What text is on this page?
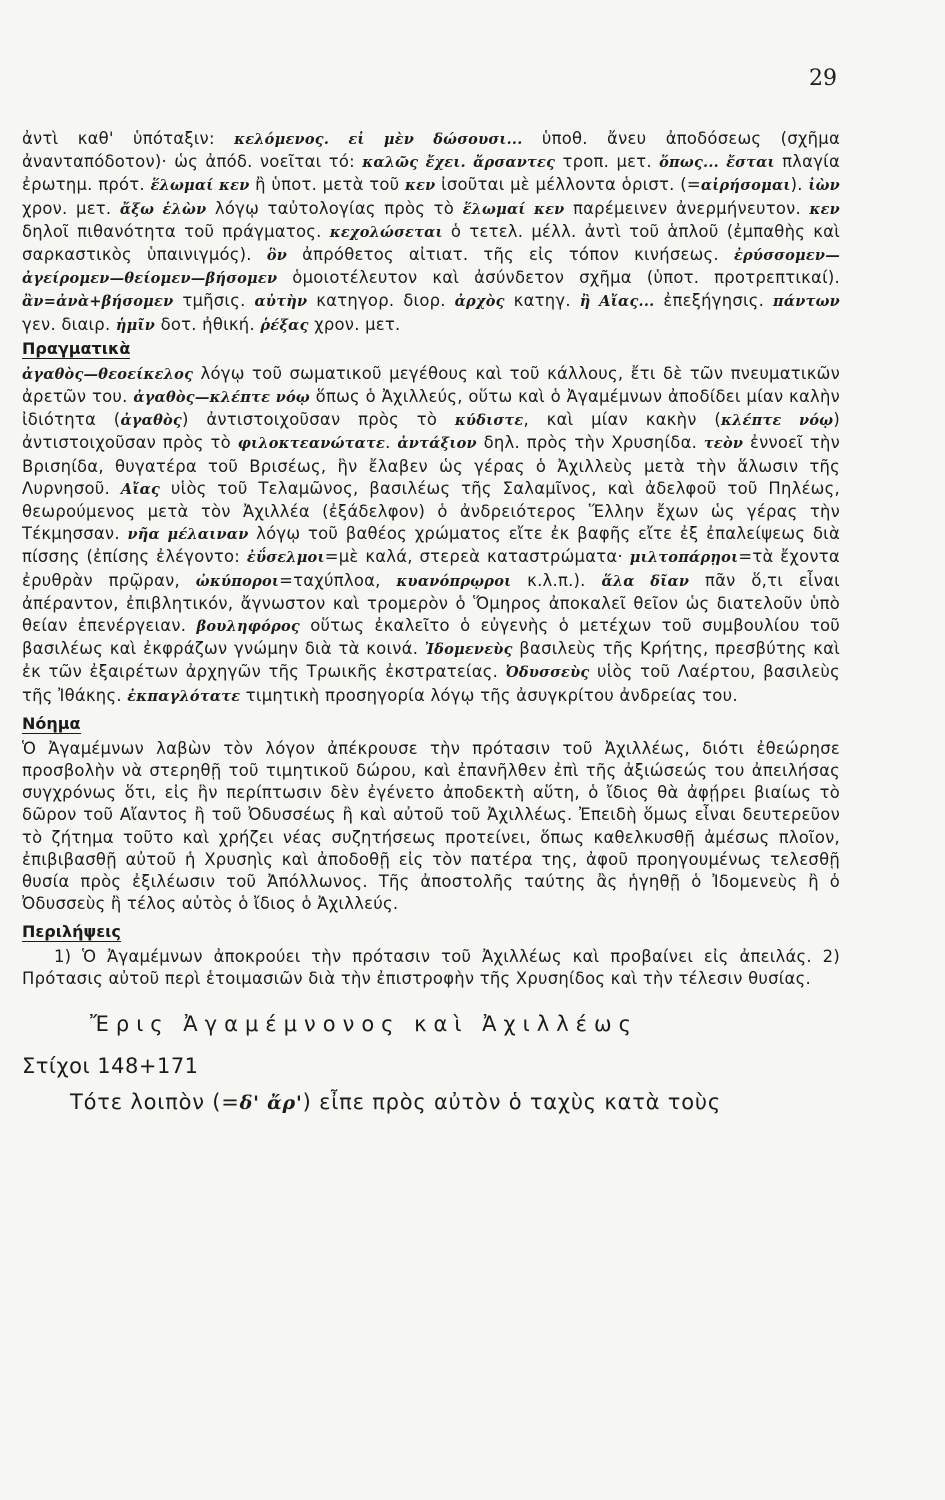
29

ἀντὶ καθ' ὑπόταξιν: κελόμενος. εἰ μὲν δώσουσι... ὑποθ. ἄνευ ἀποδόσεως (σχῆμα ἀνανταπόδοτον)· ὡς ἀπόδ. νοεῖται τό: καλῶς ἔχει. ἄρσαντες τροπ. μετ. ὅπως... ἔσται πλαγία ἐρωτημ. πρότ. ἕλωμαί κεν ἢ ὑποτ. μετὰ τοῦ κεν ἰσοῦται μὲ μέλλοντα ὁριστ. (=αἱρήσομαι). ἰὼν χρον. μετ. ἄξω ἑλὼν λόγῳ ταὐτολογίας πρὸς τὸ ἕλωμαί κεν παρέμεινεν ἀνερμήνευτον. κεν δηλοῖ πιθανότητα τοῦ πράγματος. κεχολώσεται ὁ τετελ. μέλλ. ἀντὶ τοῦ ἁπλοῦ (ἐμπαθὴς καὶ σαρκαστικὸς ὑπαινιγμός). ὃν ἀπρόθετος αἰτιατ. τῆς εἰς τόπον κινήσεως. ἐρύσσομεν—ἀγείρομεν—θείομεν—βήσομεν ὁμοιοτέλευτον καὶ ἀσύνδετον σχῆμα (ὑποτ. προτρεπτικαί). ἂν=ἀνὰ+βήσομεν τμῆσις. αὐτὴν κατηγορ. διορ. ἀρχὸς κατηγ. ἢ Αἴας... ἐπεξήγησις. πάντων γεν. διαιρ. ἡμῖν δοτ. ἠθική. ῥέξας χρον. μετ.

Πραγματικὰ

ἀγαθὸς—θεοείκελος λόγῳ τοῦ σωματικοῦ μεγέθους καὶ τοῦ κάλλους, ἔτι δὲ τῶν πνευματικῶν ἀρετῶν του. ἀγαθὸς—κλέπτε νόῳ ὅπως ὁ Ἀχιλλεύς, οὕτω καὶ ὁ Ἀγαμέμνων ἀποδίδει μίαν καλὴν ἰδιότητα (ἀγαθὸς) ἀντιστοιχοῦσαν πρὸς τὸ κύδιστε, καὶ μίαν κακὴν (κλέπτε νόῳ) ἀντιστοιχοῦσαν πρὸς τὸ φιλοκτεανώτατε. ἀντάξιον δηλ. πρὸς τὴν Χρυσηίδα. τεὸν ἐννοεῖ τὴν Βρισηίδα, θυγατέρα τοῦ Βρισέως, ἣν ἔλαβεν ὡς γέρας ὁ Ἀχιλλεὺς μετὰ τὴν ἅλωσιν τῆς Λυρνησοῦ. Αἴας υἱὸς τοῦ Τελαμῶνος, βασιλέως τῆς Σαλαμῖνος, καὶ ἀδελφοῦ τοῦ Πηλέως, θεωρούμενος μετὰ τὸν Ἀχιλλέα (ἐξάδελφον) ὁ ἀνδρειότερος Ἕλλην ἔχων ὡς γέρας τὴν Τέκμησσαν. νῆα μέλαιναν λόγῳ τοῦ βαθέος χρώματος εἴτε ἐκ βαφῆς εἴτε ἐξ ἐπαλείψεως διὰ πίσσης (ἐπίσης ἐλέγοντο: ἐΰσελμοι=μὲ καλά, στερεὰ καταστρώματα· μιλτοπάρῃοι=τὰ ἔχοντα ἐρυθρὰν πρῷραν, ὠκύποροι=ταχύπλοα, κυανόπρῳροι κ.λ.π.). ἅλα δῖαν πᾶν ὅ,τι εἶναι ἀπέραντον, ἐπιβλητικόν, ἄγνωστον καὶ τρομερὸν ὁ Ὅμηρος ἀποκαλεῖ θεῖον ὡς διατελοῦν ὑπὸ θείαν ἐπενέργειαν. βουληφόρος οὕτως ἐκαλεῖτο ὁ εὐγενὴς ὁ μετέχων τοῦ συμβουλίου τοῦ βασιλέως καὶ ἐκφράζων γνώμην διὰ τὰ κοινά. Ἰδομενεὺς βασιλεὺς τῆς Κρήτης, πρεσβύτης καὶ ἐκ τῶν ἐξαιρέτων ἀρχηγῶν τῆς Τρωικῆς ἐκστρατείας. Ὀδυσσεὺς υἱὸς τοῦ Λαέρτου, βασιλεὺς τῆς Ἰθάκης. ἐκπαγλότατε τιμητικὴ προσηγορία λόγῳ τῆς ἀσυγκρίτου ἀνδρείας του.

Νόημα

Ὁ Ἀγαμέμνων λαβὼν τὸν λόγον ἀπέκρουσε τὴν πρότασιν τοῦ Ἀχιλλέως, διότι ἐθεώρησε προσβολὴν νὰ στερηθῇ τοῦ τιμητικοῦ δώρου, καὶ ἐπανῆλθεν ἐπὶ τῆς ἀξιώσεώς του ἀπειλήσας συγχρόνως ὅτι, εἰς ἣν περίπτωσιν δὲν ἐγένετο ἀποδεκτὴ αὕτη, ὁ ἴδιος θὰ ἀφῄρει βιαίως τὸ δῶρον τοῦ Αἴαντος ἢ τοῦ Ὀδυσσέως ἢ καὶ αὐτοῦ τοῦ Ἀχιλλέως. Ἐπειδὴ ὅμως εἶναι δευτερεῦον τὸ ζήτημα τοῦτο καὶ χρήζει νέας συζητήσεως προτείνει, ὅπως καθελκυσθῇ ἀμέσως πλοῖον, ἐπιβιβασθῇ αὐτοῦ ἡ Χρυσηὶς καὶ ἀποδοθῇ εἰς τὸν πατέρα της, ἀφοῦ προηγουμένως τελεσθῇ θυσία πρὸς ἐξιλέωσιν τοῦ Ἀπόλλωνος. Τῆς ἀποστολῆς ταύτης ἂς ἡγηθῇ ὁ Ἰδομενεὺς ἢ ὁ Ὀδυσσεὺς ἢ τέλος αὐτὸς ὁ ἴδιος ὁ Ἀχιλλεύς.

Περιλήψεις

1) Ὁ Ἀγαμέμνων ἀποκρούει τὴν πρότασιν τοῦ Ἀχιλλέως καὶ προβαίνει εἰς ἀπειλάς. 2) Πρότασις αὐτοῦ περὶ ἑτοιμασιῶν διὰ τὴν ἐπιστροφὴν τῆς Χρυσηίδος καὶ τὴν τέλεσιν θυσίας.

Ἔρις Ἀγαμέμνονος καὶ Ἀχιλλέως
Στίχοι 148+171
Τότε λοιπὸν (=δ' ἄρ') εἶπε πρὸς αὐτὸν ὁ ταχὺς κατὰ τοὺς
